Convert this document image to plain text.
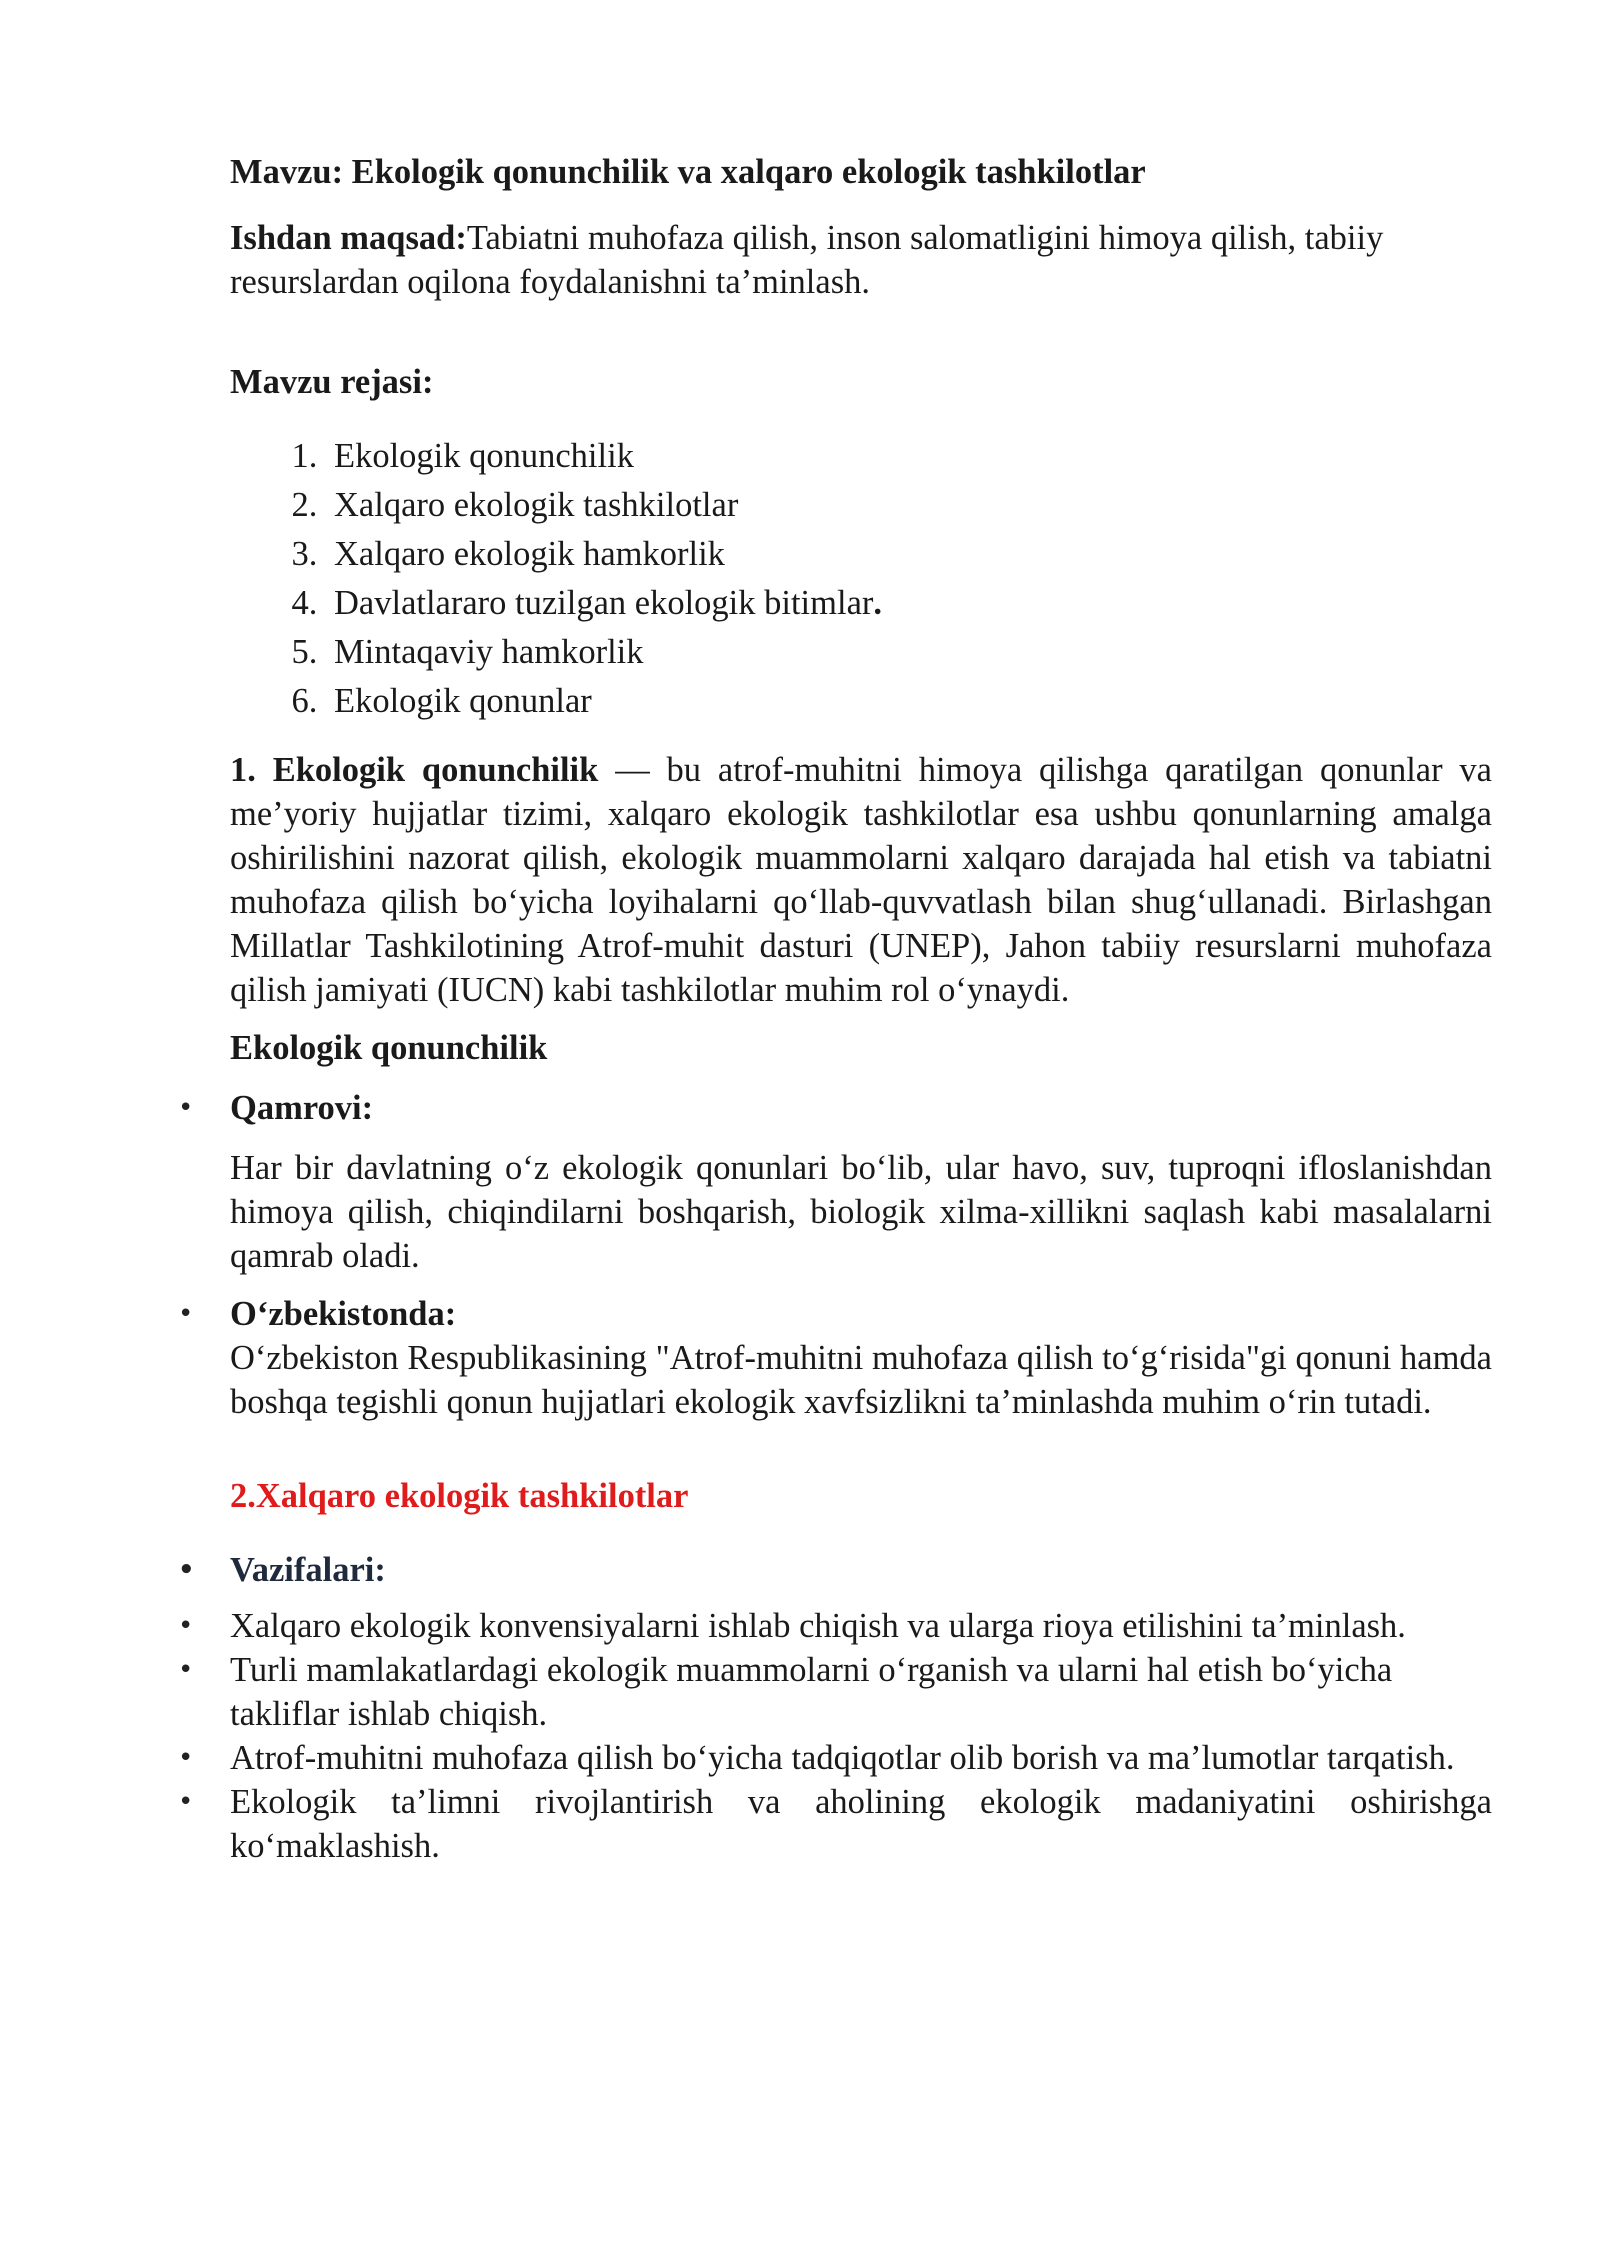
Mavzu: Ekologik qonunchilik va xalqaro ekologik tashkilotlar

Ishdan maqsad:Tabiatni muhofaza qilish, inson salomatligini himoya qilish, tabiiy resurslardan oqilona foydalanishni ta’minlash.

Mavzu rejasi:

1. Ekologik qonunchilik
2. Xalqaro ekologik tashkilotlar
3. Xalqaro ekologik hamkorlik
4. Davlatlararo tuzilgan ekologik bitimlar.
5. Mintaqaviy hamkorlik
6. Ekologik qonunlar

1. Ekologik qonunchilik — bu atrof-muhitni himoya qilishga qaratilgan qonunlar va me’yoriy hujjatlar tizimi, xalqaro ekologik tashkilotlar esa ushbu qonunlarning amalga oshirilishini nazorat qilish, ekologik muammolarni xalqaro darajada hal etish va tabiatni muhofaza qilish bo‘yicha loyihalarni qo‘llab-quvvatlash bilan shug‘ullanadi. Birlashgan Millatlar Tashkilotining Atrof-muhit dasturi (UNEP), Jahon tabiiy resurslarni muhofaza qilish jamiyati (IUCN) kabi tashkilotlar muhim rol o‘ynaydi.

Ekologik qonunchilik

• Qamrovi:

Har bir davlatning o‘z ekologik qonunlari bo‘lib, ular havo, suv, tuproqni ifloslanishdan himoya qilish, chiqindilarni boshqarish, biologik xilma-xillikni saqlash kabi masalalarni qamrab oladi.

• O‘zbekistonda:

O‘zbekiston Respublikasining "Atrof-muhitni muhofaza qilish to‘g‘risida"gi qonuni hamda boshqa tegishli qonun hujjatlari ekologik xavfsizlikni ta’minlashda muhim o‘rin tutadi.

2.Xalqaro ekologik tashkilotlar

• Vazifalari:

• Xalqaro ekologik konvensiyalarni ishlab chiqish va ularga rioya etilishini ta’minlash.

• Turli mamlakatlardagi ekologik muammolarni o‘rganish va ularni hal etish bo‘yicha takliflar ishlab chiqish.

• Atrof-muhitni muhofaza qilish bo‘yicha tadqiqotlar olib borish va ma’lumotlar tarqatish.

• Ekologik ta’limni rivojlantirish va aholining ekologik madaniyatini oshirishga ko‘maklashish.
